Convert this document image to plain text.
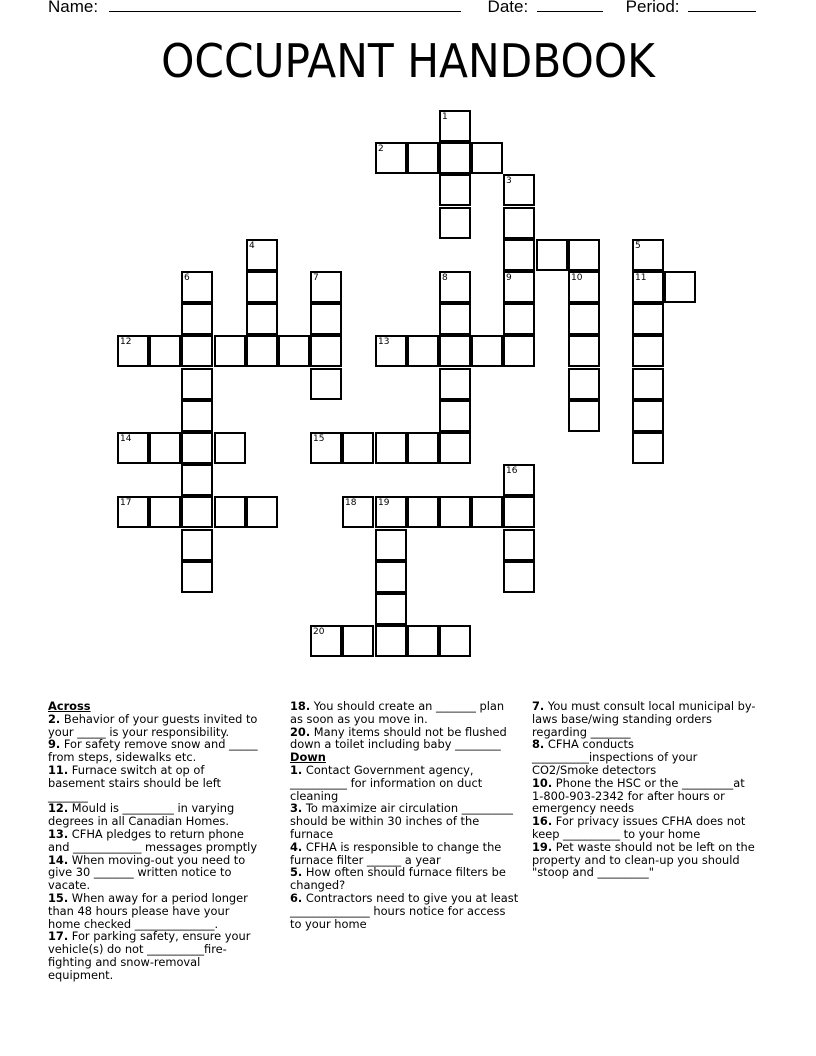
Name:	Date:	Period:
OCCUPANT HANDBOOK
1
2
3
4	5
6	7	8	9	10	11
12	13
14	15
16
17	18 19
20
Across
2. Behavior of your guests invited to your _____ is your responsibility.
9. For safety remove snow and _____ from steps, sidewalks etc.
11. Furnace switch at op of basement stairs should be left _______
12. Mould is _________ in varying degrees in all Canadian Homes.
13. CFHA pledges to return phone and ____________ messages promptly
14. When moving-out you need to give 30 _______ written notice to vacate.
15. When away for a period longer than 48 hours please have your home checked ______________.
17. For parking safety, ensure your vehicle(s) do not __________fire-fighting and snow-removal equipment.
18. You should create an _______ plan as soon as you move in.
20. Many items should not be flushed down a toilet including baby ________
Down
1. Contact Government agency, __________ for information on duct cleaning
3. To maximize air circulation _________ should be within 30 inches of the furnace
4. CFHA is responsible to change the furnace filter ______ a year
5. How often should furnace filters be changed?
6. Contractors need to give you at least ______________ hours notice for access to your home
7. You must consult local municipal by-laws base/wing standing orders regarding _______
8. CFHA conducts __________inspections of your CO2/Smoke detectors
10. Phone the HSC or the _________at 1-800-903-2342 for after hours or emergency needs
16. For privacy issues CFHA does not keep __________ to your home
19. Pet waste should not be left on the property and to clean-up you should "stoop and _________"
